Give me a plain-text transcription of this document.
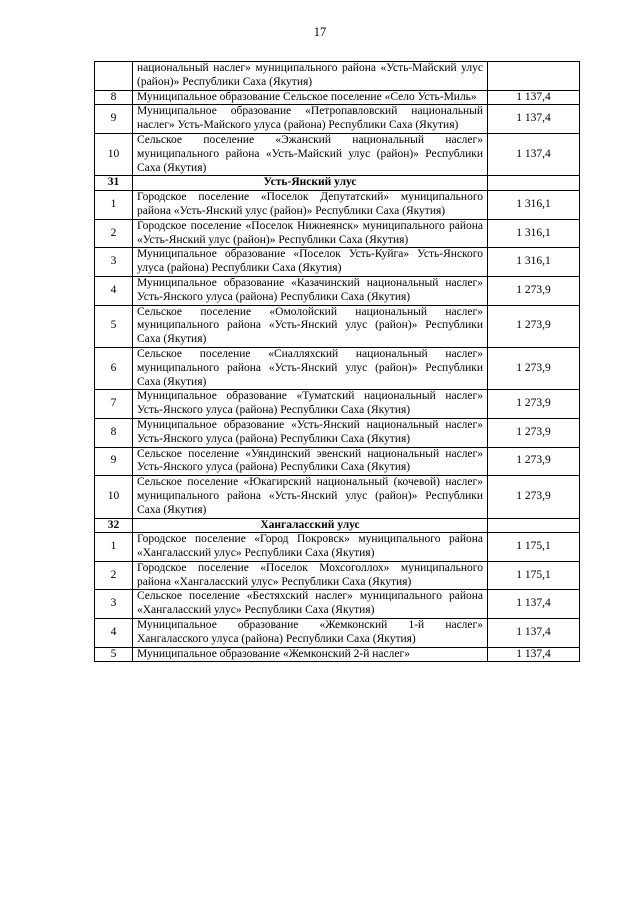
17
	национальный наслег» муниципального района «Усть-Майский улус (район)» Республики Саха (Якутия)	
8	Муниципальное образование Сельское поселение «Село Усть-Миль»	1 137,4
9	Муниципальное образование «Петропавловский национальный наслег» Усть-Майского улуса (района) Республики Саха (Якутия)	1 137,4
10	Сельское поселение «Эжанский национальный наслег» муниципального района «Усть-Майский улус (район)» Республики Саха (Якутия)	1 137,4
31	Усть-Янский улус	
1	Городское поселение «Поселок Депутатский» муниципального района «Усть-Янский улус (район)» Республики Саха (Якутия)	1 316,1
2	Городское поселение «Поселок Нижнеянск» муниципального района «Усть-Янский улус (район)» Республики Саха (Якутия)	1 316,1
3	Муниципальное образование «Поселок Усть-Куйга» Усть-Янского улуса (района) Республики Саха (Якутия)	1 316,1
4	Муниципальное образование «Казачинский национальный наслег» Усть-Янского улуса (района) Республики Саха (Якутия)	1 273,9
5	Сельское поселение «Омолойский национальный наслег» муниципального района «Усть-Янский улус (район)» Республики Саха (Якутия)	1 273,9
6	Сельское поселение «Сиалляхский национальный наслег» муниципального района «Усть-Янский улус (район)» Республики Саха (Якутия)	1 273,9
7	Муниципальное образование «Туматский национальный наслег» Усть-Янского улуса (района) Республики Саха (Якутия)	1 273,9
8	Муниципальное образование «Усть-Янский национальный наслег» Усть-Янского улуса (района) Республики Саха (Якутия)	1 273,9
9	Сельское поселение «Уяндинский эвенский национальный наслег» Усть-Янского улуса (района) Республики Саха (Якутия)	1 273,9
10	Сельское поселение «Юкагирский национальный (кочевой) наслег» муниципального района «Усть-Янский улус (район)» Республики Саха (Якутия)	1 273,9
32	Хангаласский улус	
1	Городское поселение «Город Покровск» муниципального района «Хангаласский улус» Республики Саха (Якутия)	1 175,1
2	Городское поселение «Поселок Мохсоголлох» муниципального района «Хангаласский улус» Республики Саха (Якутия)	1 175,1
3	Сельское поселение «Бестяхский наслег» муниципального района «Хангаласский улус» Республики Саха (Якутия)	1 137,4
4	Муниципальное образование «Жемконский 1-й наслег» Хангаласского улуса (района) Республики Саха (Якутия)	1 137,4
5	Муниципальное образование «Жемконский 2-й наслег»	1 137,4
